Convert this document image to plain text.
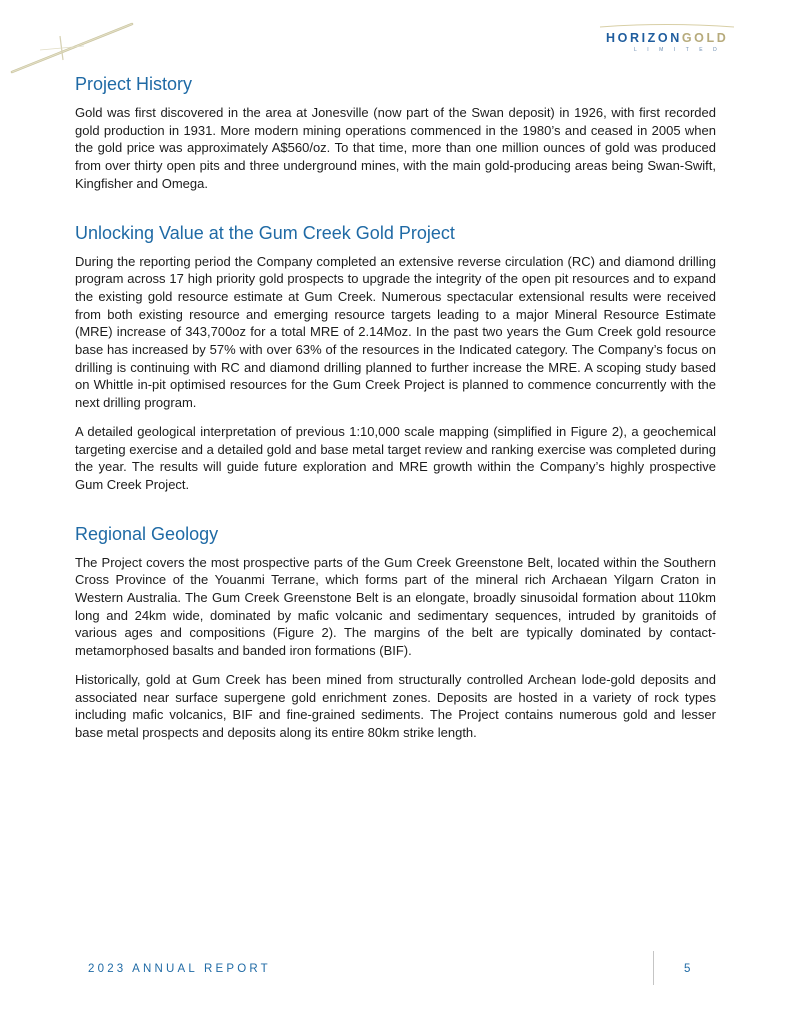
HORIZONGOLD
LIMITED
Project History

Gold was first discovered in the area at Jonesville (now part of the Swan deposit) in 1926, with first recorded gold production in 1931. More modern mining operations commenced in the 1980’s and ceased in 2005 when the gold price was approximately A$560/oz. To that time, more than one million ounces of gold was produced from over thirty open pits and three underground mines, with the main gold-producing areas being Swan-Swift, Kingfisher and Omega.

Unlocking Value at the Gum Creek Gold Project

During the reporting period the Company completed an extensive reverse circulation (RC) and diamond drilling program across 17 high priority gold prospects to upgrade the integrity of the open pit resources and to expand the existing gold resource estimate at Gum Creek. Numerous spectacular extensional results were received from both existing resource and emerging resource targets leading to a major Mineral Resource Estimate (MRE) increase of 343,700oz for a total MRE of 2.14Moz. In the past two years the Gum Creek gold resource base has increased by 57% with over 63% of the resources in the Indicated category. The Company’s focus on drilling is continuing with RC and diamond drilling planned to further increase the MRE. A scoping study based on Whittle in-pit optimised resources for the Gum Creek Project is planned to commence concurrently with the next drilling program.

A detailed geological interpretation of previous 1:10,000 scale mapping (simplified in Figure 2), a geochemical targeting exercise and a detailed gold and base metal target review and ranking exercise was completed during the year. The results will guide future exploration and MRE growth within the Company’s highly prospective Gum Creek Project.

Regional Geology

The Project covers the most prospective parts of the Gum Creek Greenstone Belt, located within the Southern Cross Province of the Youanmi Terrane, which forms part of the mineral rich Archaean Yilgarn Craton in Western Australia. The Gum Creek Greenstone Belt is an elongate, broadly sinusoidal formation about 110km long and 24km wide, dominated by mafic volcanic and sedimentary sequences, intruded by granitoids of various ages and compositions (Figure 2). The margins of the belt are typically dominated by contact-metamorphosed basalts and banded iron formations (BIF).

Historically, gold at Gum Creek has been mined from structurally controlled Archean lode-gold deposits and associated near surface supergene gold enrichment zones. Deposits are hosted in a variety of rock types including mafic volcanics, BIF and fine-grained sediments. The Project contains numerous gold and lesser base metal prospects and deposits along its entire 80km strike length.

2023 ANNUAL REPORT	5
